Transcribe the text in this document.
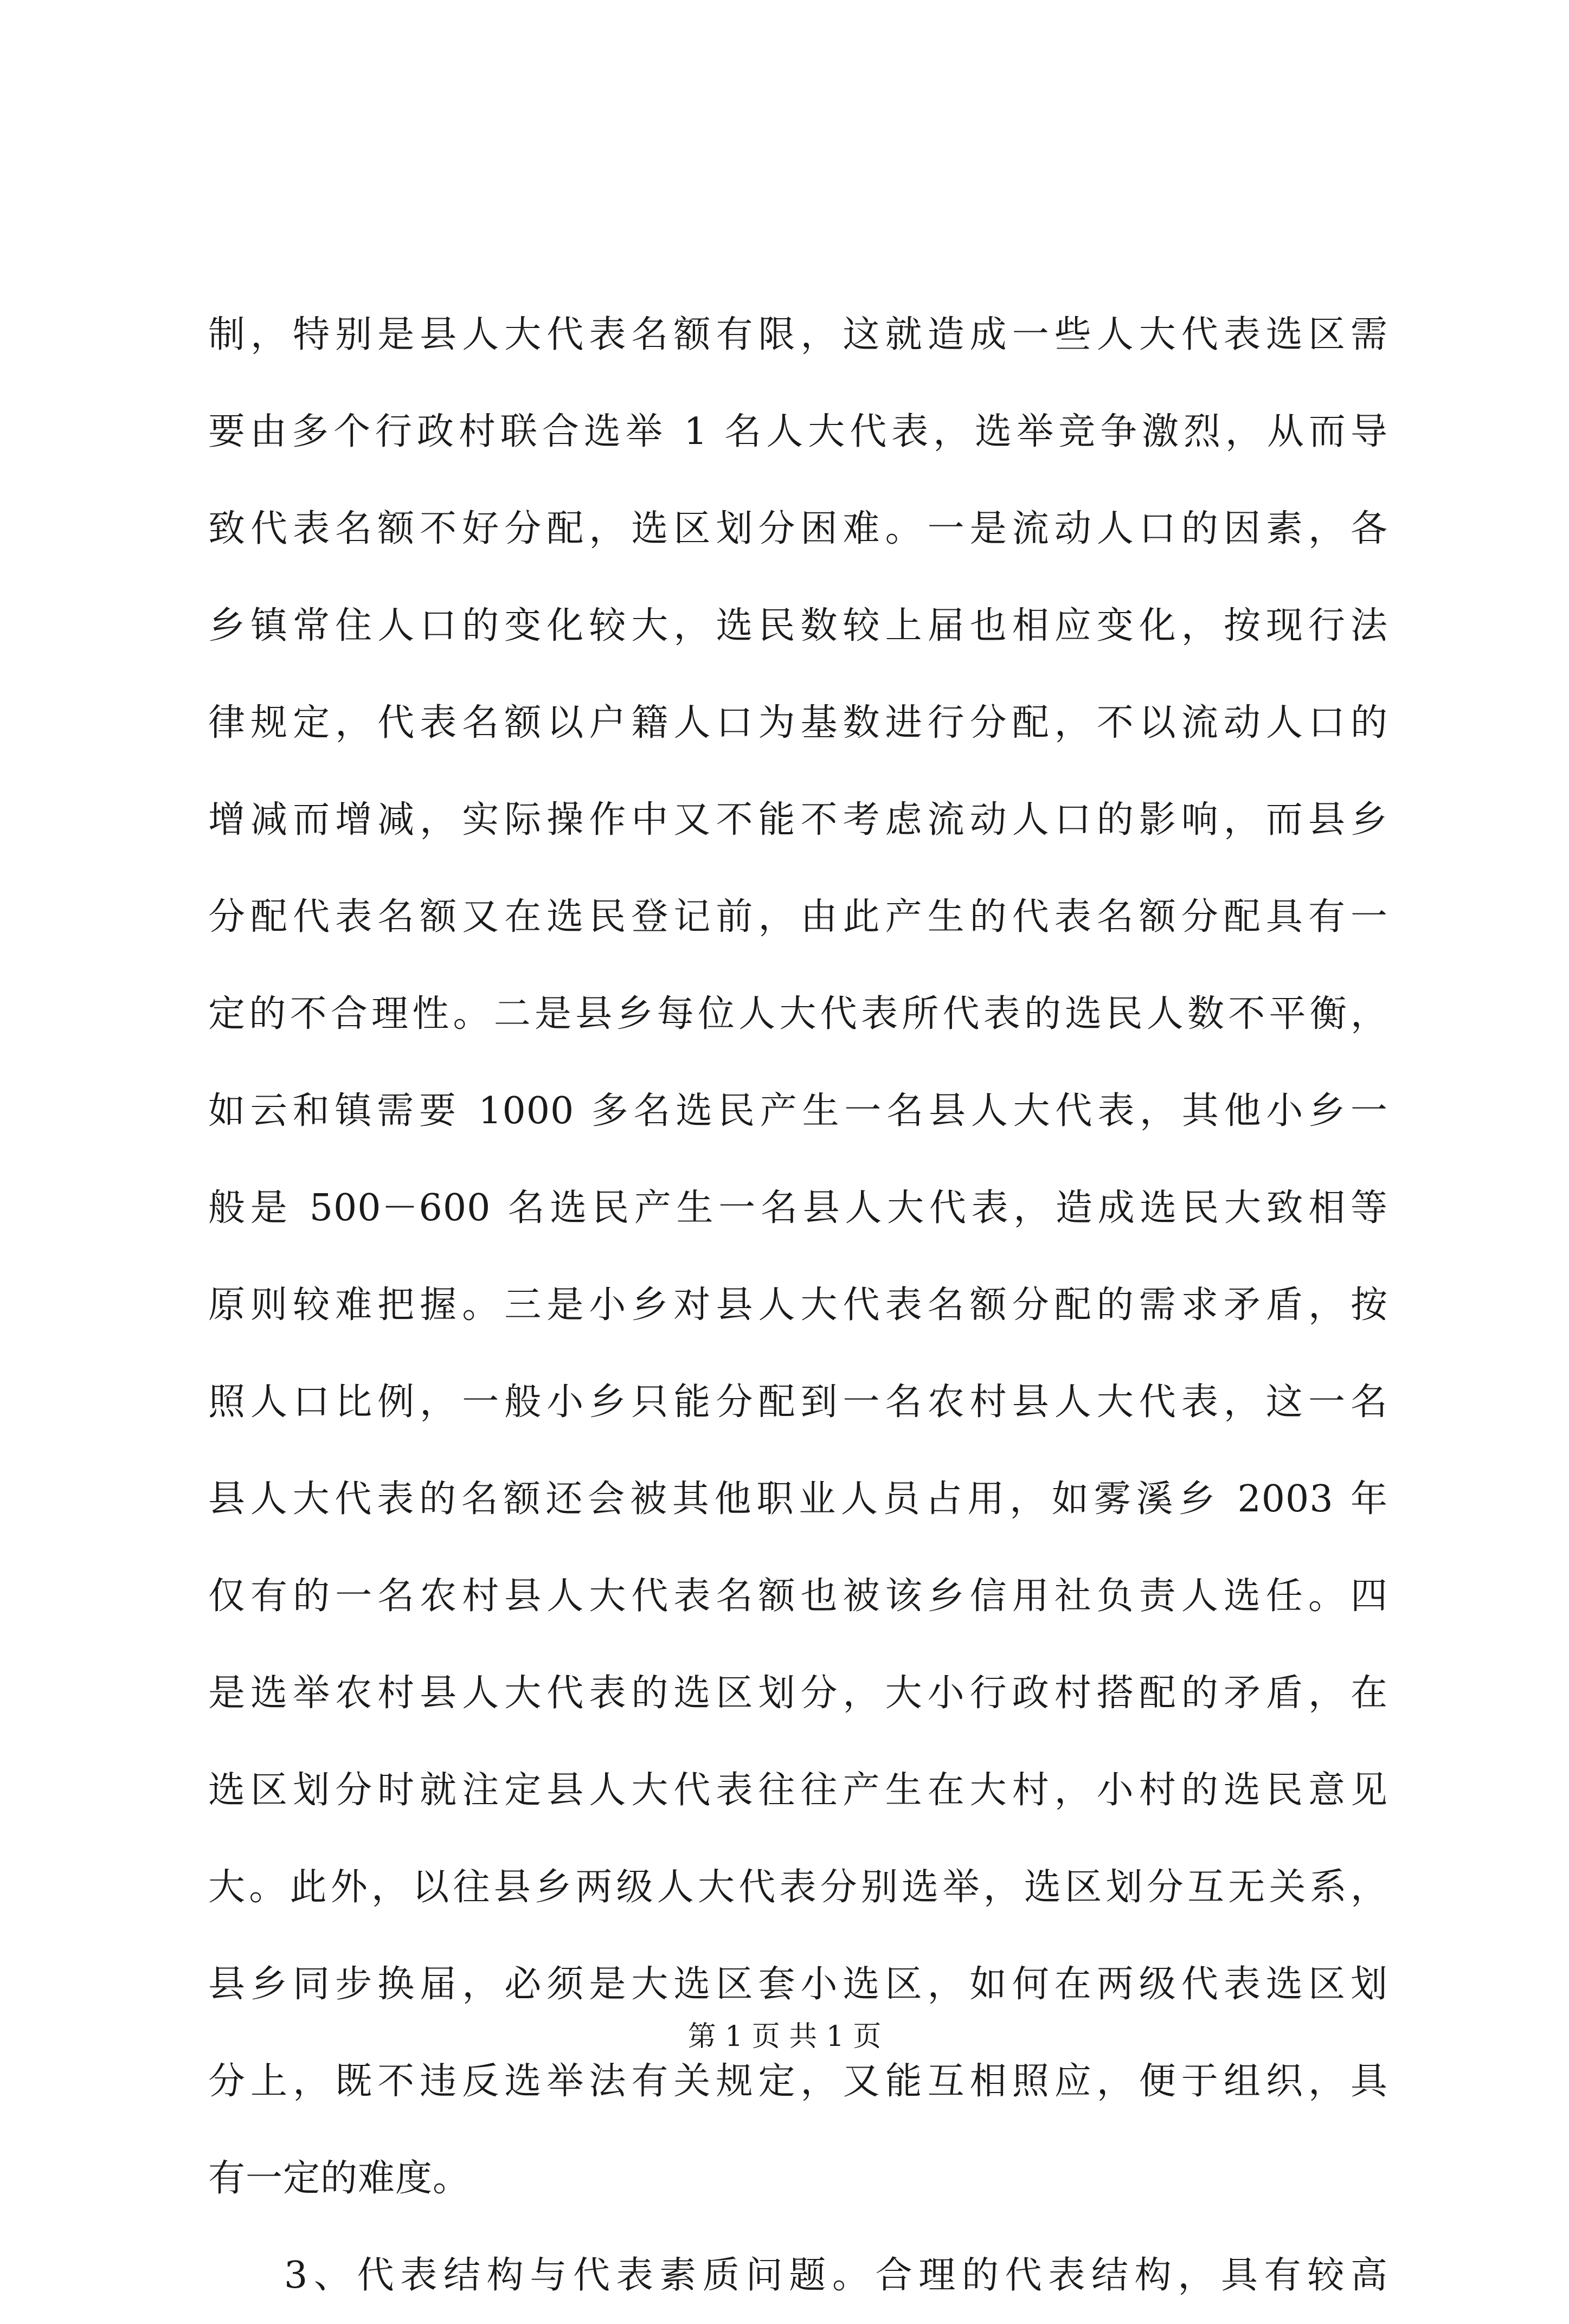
制，特别是县人大代表名额有限，这就造成一些人大代表选区需
要由多个行政村联合选举 1 名人大代表，选举竞争激烈，从而导
致代表名额不好分配，选区划分困难。一是流动人口的因素，各
乡镇常住人口的变化较大，选民数较上届也相应变化，按现行法
律规定，代表名额以户籍人口为基数进行分配，不以流动人口的
增减而增减，实际操作中又不能不考虑流动人口的影响，而县乡
分配代表名额又在选民登记前，由此产生的代表名额分配具有一
定的不合理性。二是县乡每位人大代表所代表的选民人数不平衡，
如云和镇需要 1000 多名选民产生一名县人大代表，其他小乡一
般是 500－600 名选民产生一名县人大代表，造成选民大致相等
原则较难把握。三是小乡对县人大代表名额分配的需求矛盾，按
照人口比例，一般小乡只能分配到一名农村县人大代表，这一名
县人大代表的名额还会被其他职业人员占用，如雾溪乡 2003 年
仅有的一名农村县人大代表名额也被该乡信用社负责人选任。四
是选举农村县人大代表的选区划分，大小行政村搭配的矛盾，在
选区划分时就注定县人大代表往往产生在大村，小村的选民意见
大。此外，以往县乡两级人大代表分别选举，选区划分互无关系，
县乡同步换届，必须是大选区套小选区，如何在两级代表选区划
分上，既不违反选举法有关规定，又能互相照应，便于组织，具
有一定的难度。
3、代表结构与代表素质问题。合理的代表结构，具有较高
第 1 页 共 1 页
